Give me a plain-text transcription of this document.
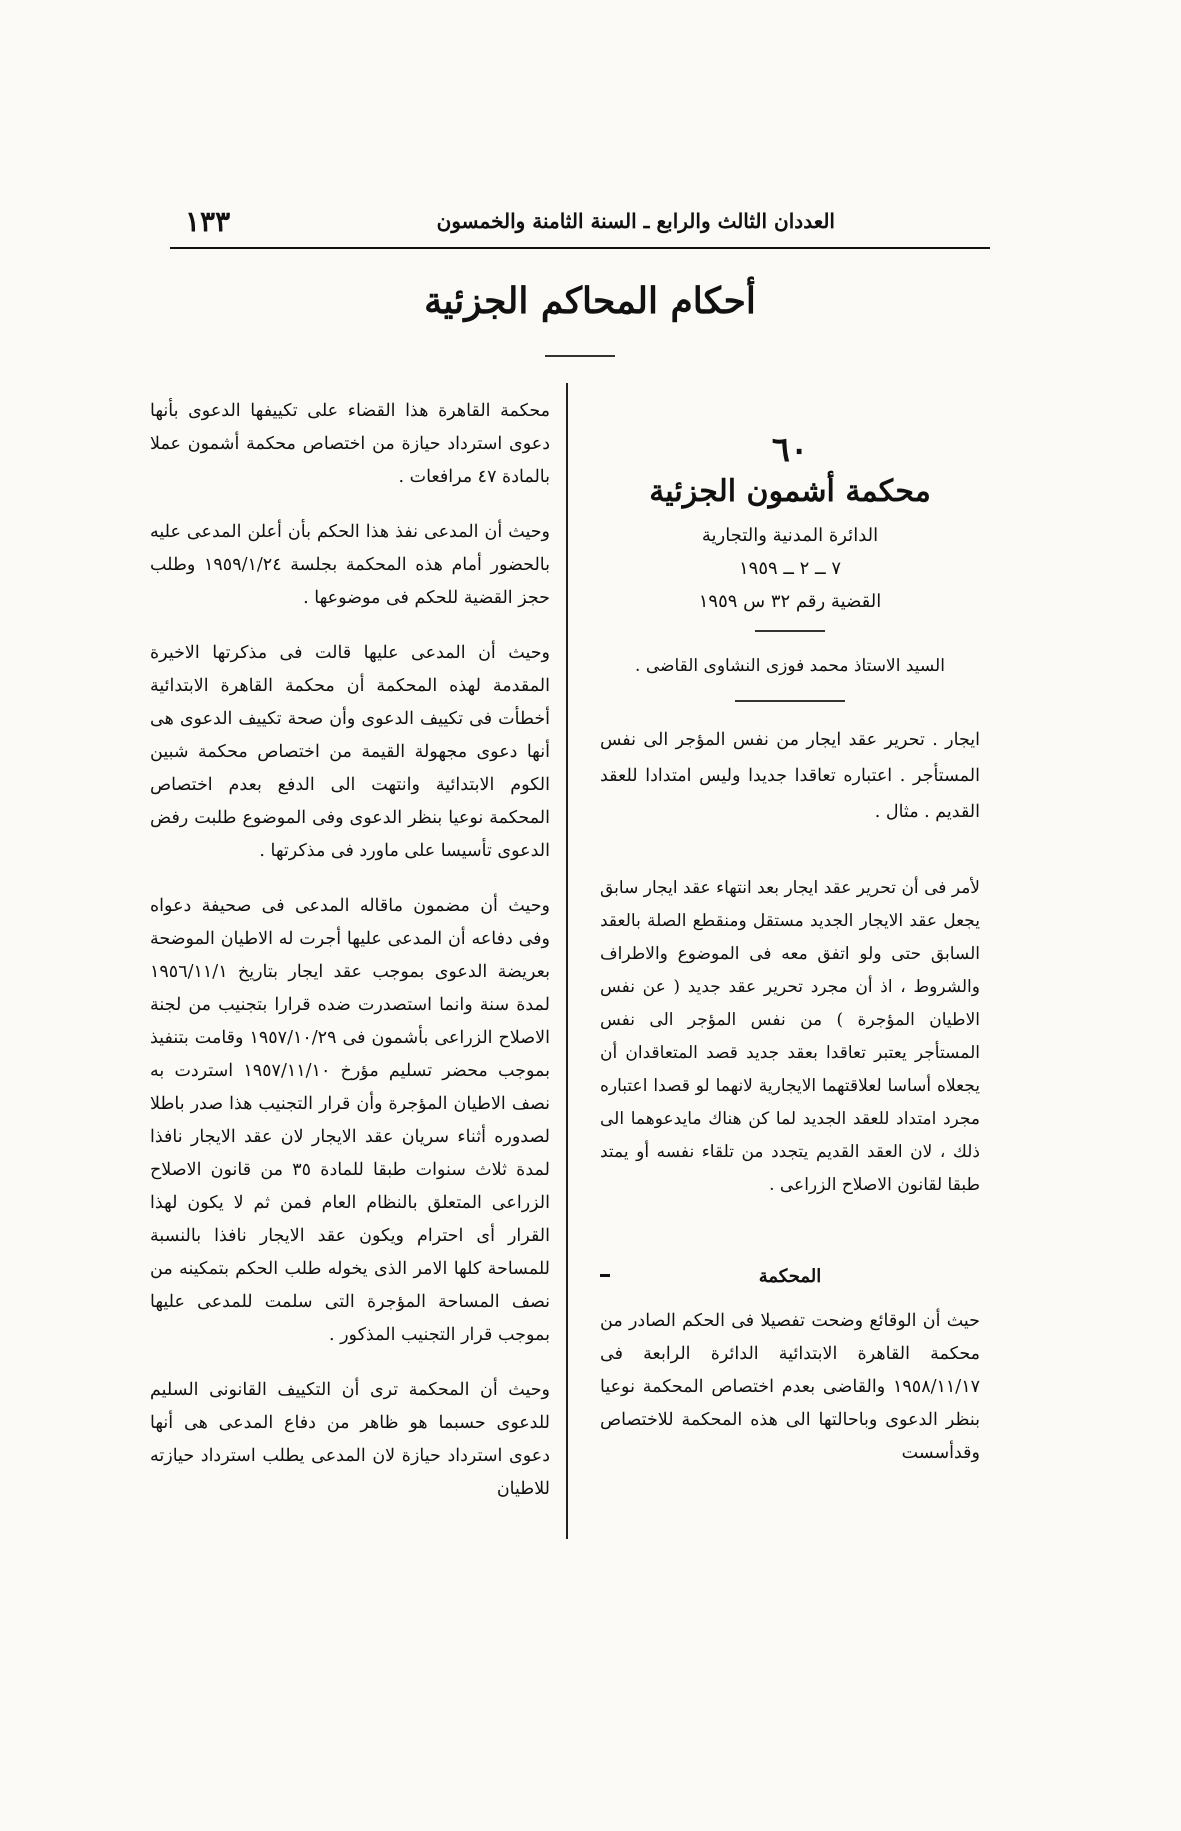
١٣٣	العددان الثالث والرابع ـ السنة الثامنة والخمسون
أحكام المحاكم الجزئية
٦٠
محكمة أشمون الجزئية
الدائرة المدنية والتجارية
٧ ــ ٢ ــ ١٩٥٩
القضية رقم ٣٢ س ١٩٥٩
السيد الاستاذ محمد فوزى النشاوى القاضى .
ايجار . تحرير عقد ايجار من نفس المؤجر الى نفس المستأجر . اعتباره تعاقدا جديدا وليس امتدادا للعقد القديم . مثال .
لأمر فى أن تحرير عقد ايجار بعد انتهاء عقد ايجار سابق يجعل عقد الايجار الجديد مستقل ومنقطع الصلة بالعقد السابق حتى ولو اتفق معه فى الموضوع والاطراف والشروط ، اذ أن مجرد تحرير عقد جديد ( عن نفس الاطيان المؤجرة ) من نفس المؤجر الى نفس المستأجر يعتبر تعاقدا بعقد جديد قصد المتعاقدان أن يجعلاه أساسا لعلاقتهما الايجارية لانهما لو قصدا اعتباره مجرد امتداد للعقد الجديد لما كن هناك مايدعوهما الى ذلك ، لان العقد القديم يتجدد من تلقاء نفسه أو يمتد طبقا لقانون الاصلاح الزراعى .
المحكمة
حيث أن الوقائع وضحت تفصيلا فى الحكم الصادر من محكمة القاهرة الابتدائية الدائرة الرابعة فى ١٩٥٨/١١/١٧ والقاضى بعدم اختصاص المحكمة نوعيا بنظر الدعوى وباحالتها الى هذه المحكمة للاختصاص وقدأسست

محكمة القاهرة هذا القضاء على تكييفها الدعوى بأنها دعوى استرداد حيازة من اختصاص محكمة أشمون عملا بالمادة ٤٧ مرافعات .

وحيث أن المدعى نفذ هذا الحكم بأن أعلن المدعى عليه بالحضور أمام هذه المحكمة بجلسة ١٩٥٩/١/٢٤ وطلب حجز القضية للحكم فى موضوعها .

وحيث أن المدعى عليها قالت فى مذكرتها الاخيرة المقدمة لهذه المحكمة أن محكمة القاهرة الابتدائية أخطأت فى تكييف الدعوى وأن صحة تكييف الدعوى هى أنها دعوى مجهولة القيمة من اختصاص محكمة شبين الكوم الابتدائية وانتهت الى الدفع بعدم اختصاص المحكمة نوعيا بنظر الدعوى وفى الموضوع طلبت رفض الدعوى تأسيسا على ماورد فى مذكرتها .

وحيث أن مضمون ماقاله المدعى فى صحيفة دعواه وفى دفاعه أن المدعى عليها أجرت له الاطيان الموضحة بعريضة الدعوى بموجب عقد ايجار بتاريخ ١٩٥٦/١١/١ لمدة سنة وانما استصدرت ضده قرارا بتجنيب من لجنة الاصلاح الزراعى بأشمون فى ١٩٥٧/١٠/٢٩ وقامت بتنفيذ بموجب محضر تسليم مؤرخ ١٩٥٧/١١/١٠ استردت به نصف الاطيان المؤجرة وأن قرار التجنيب هذا صدر باطلا لصدوره أثناء سريان عقد الايجار لان عقد الايجار نافذا لمدة ثلاث سنوات طبقا للمادة ٣٥ من قانون الاصلاح الزراعى المتعلق بالنظام العام فمن ثم لا يكون لهذا القرار أى احترام ويكون عقد الايجار نافذا بالنسبة للمساحة كلها الامر الذى يخوله طلب الحكم بتمكينه من نصف المساحة المؤجرة التى سلمت للمدعى عليها بموجب قرار التجنيب المذكور .

وحيث أن المحكمة ترى أن التكييف القانونى السليم للدعوى حسبما هو ظاهر من دفاع المدعى هى أنها دعوى استرداد حيازة لان المدعى يطلب استرداد حيازته للاطيان
